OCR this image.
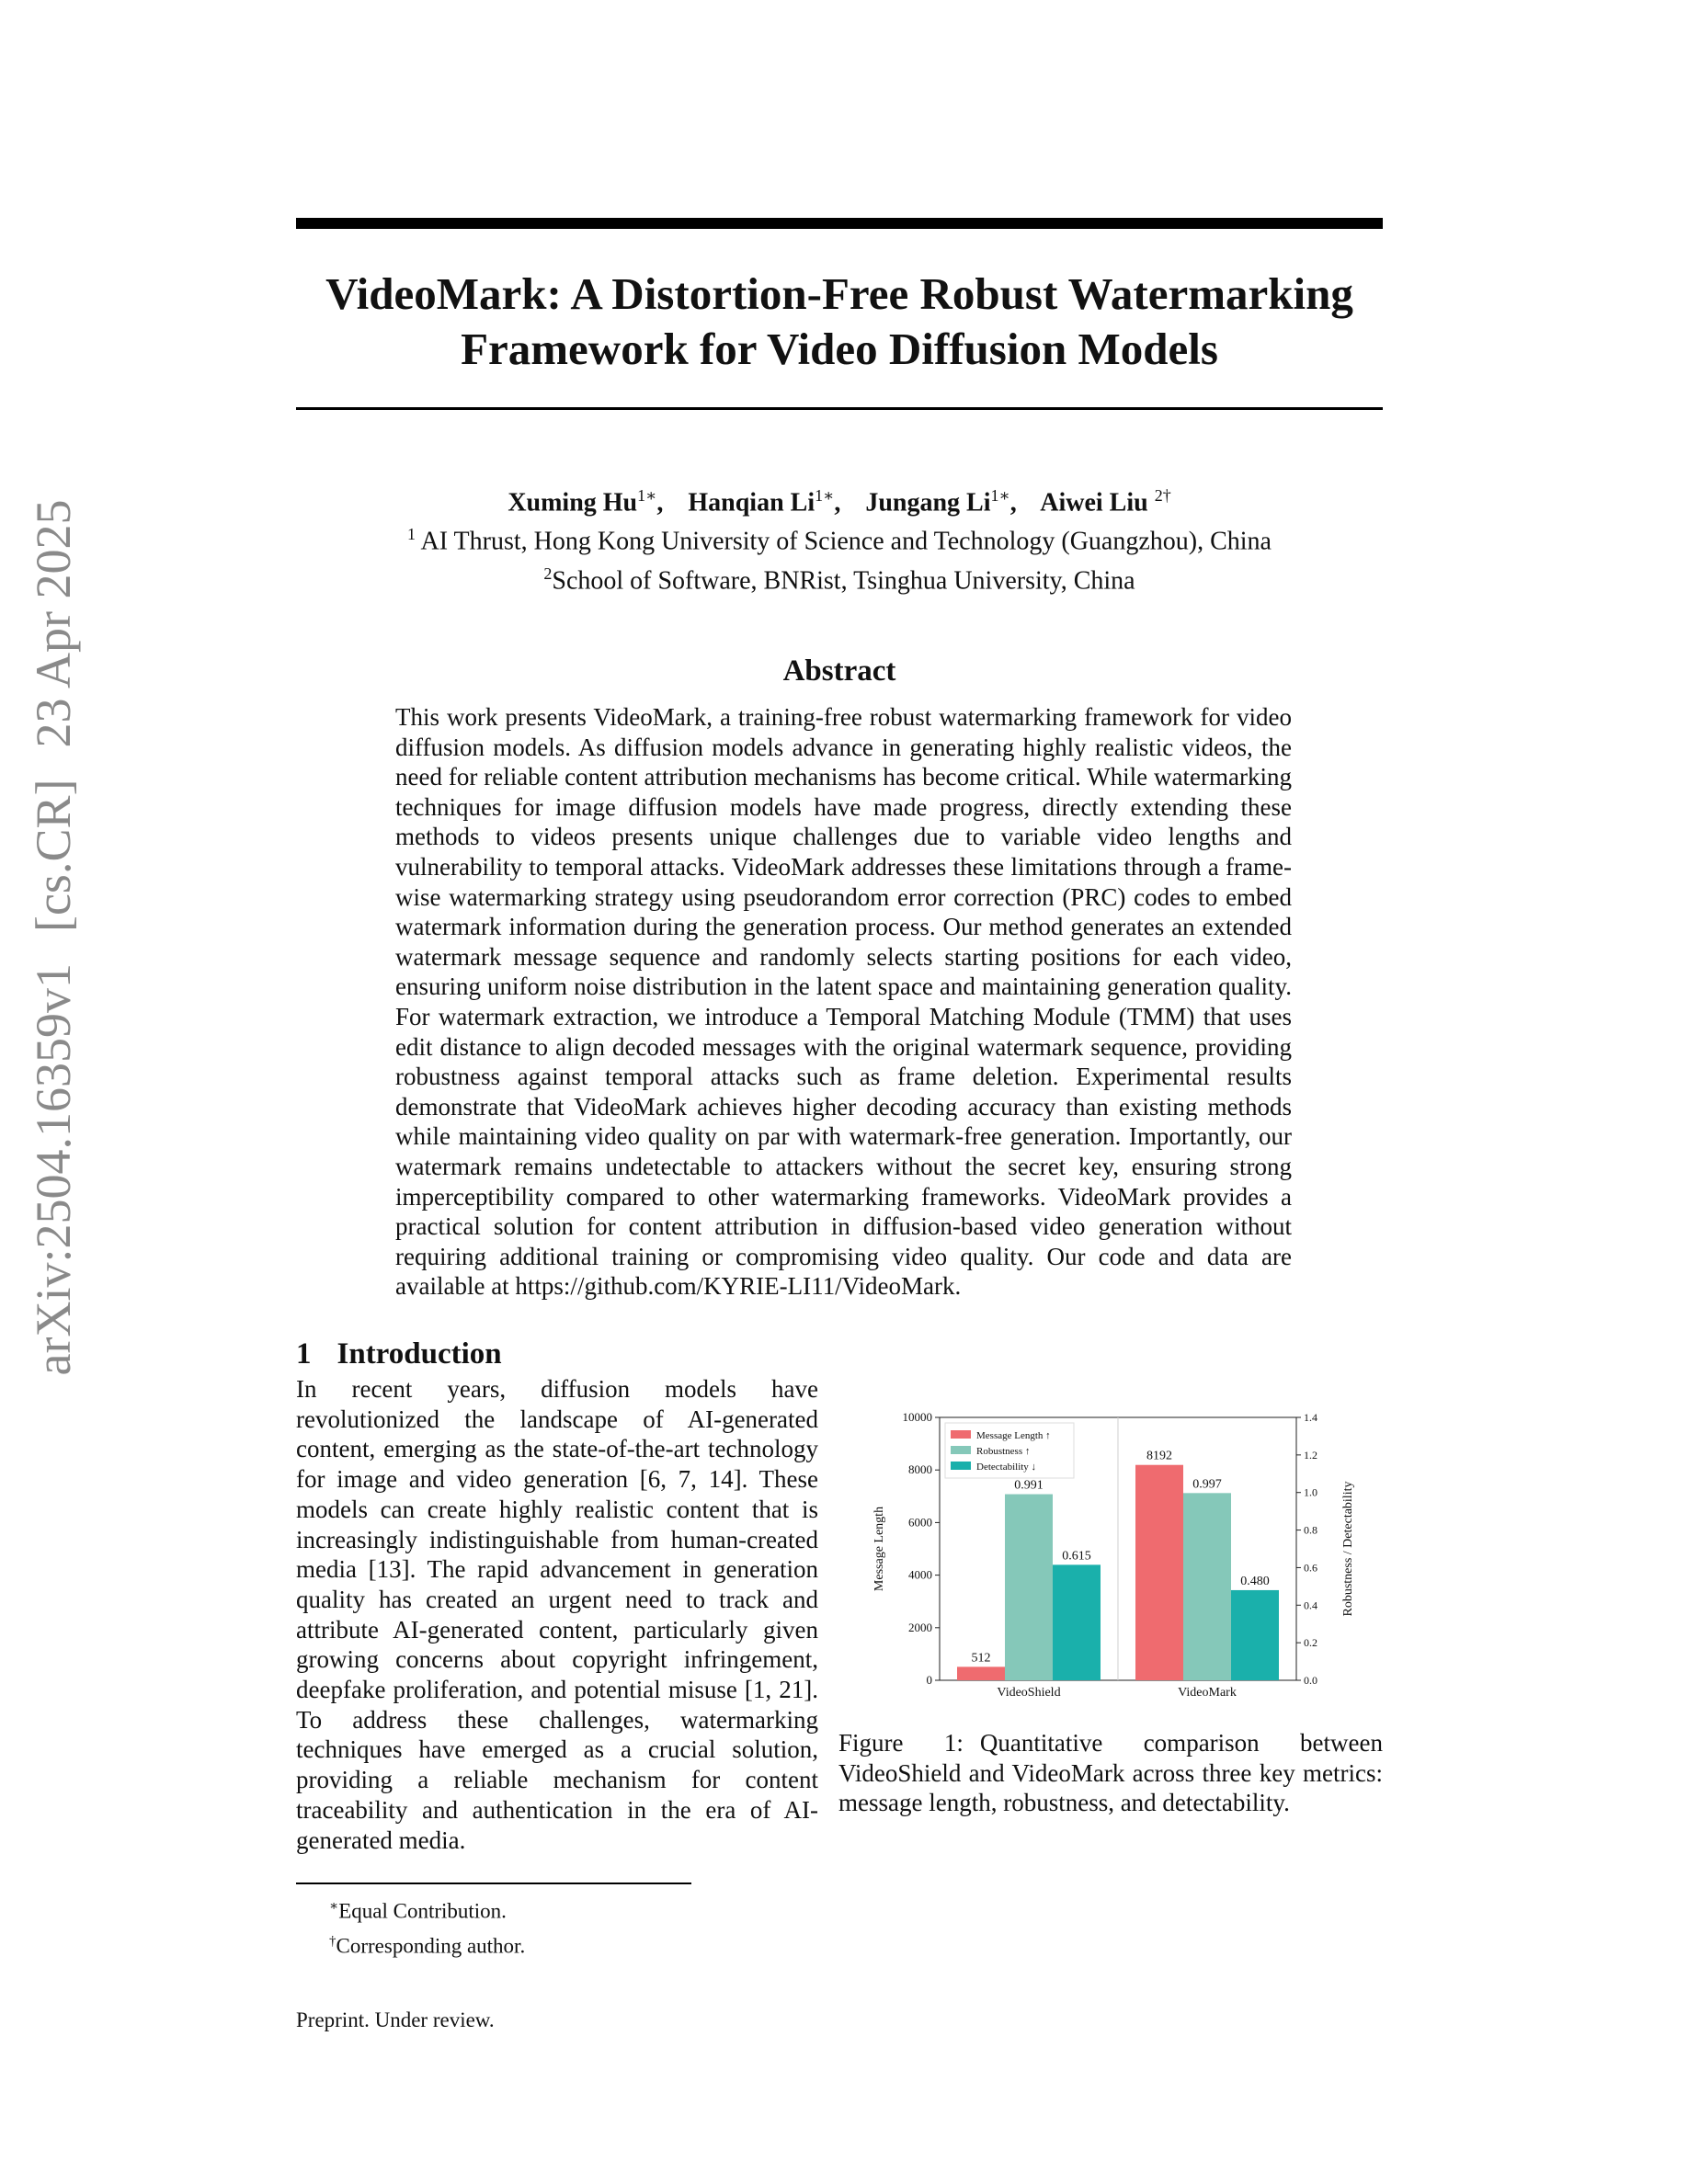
arXiv:2504.16359v1
[cs.CR]
23 Apr 2025
VideoMark: A Distortion-Free Robust Watermarking
Framework for Video Diffusion Models
Xuming $Hu^{1∗}$, Hanqian $Li^{1∗}$, Jungang $Li^{1∗}$, Aiwei Liu $^{2\dagger}$
$^1$ AI Thrust, Hong Kong University of Science and Technology (Guangzhou), China
$^2$School of Software, BNRist, Tsinghua University, China
Abstract
This work presents VideoMark, a training-free robust watermarking framework for video diffusion models. As diffusion models advance in generating highly realistic videos, the need for reliable content attribution mechanisms has become critical. While watermarking techniques for image diffusion models have made progress, directly extending these methods to videos presents unique challenges due to variable video lengths and vulnerability to temporal attacks. VideoMark addresses these limitations through a frame-wise watermarking strategy using pseudorandom error correction (PRC) codes to embed watermark information during the generation process. Our method generates an extended watermark message sequence and randomly selects starting positions for each video, ensuring uniform noise distribution in the latent space and maintaining generation quality. For watermark extraction, we introduce a Temporal Matching Module (TMM) that uses edit distance to align decoded messages with the original watermark sequence, providing robustness against temporal attacks such as frame deletion. Experimental results demonstrate that VideoMark achieves higher decoding accuracy than existing methods while maintaining video quality on par with watermark-free generation. Importantly, our watermark remains undetectable to attackers without the secret key, ensuring strong imperceptibility compared to other watermarking frameworks. VideoMark provides a practical solution for content attribution in diffusion-based video generation without requiring additional training or compromising video quality. Our code and data are available at https://github.com/KYRIE-LI11/VideoMark.
1 Introduction
In recent years, diffusion models have revolutionized the landscape of AI-generated content, emerging as the state-of-the-art technology for image and video generation [6, 7, 14]. These models can create highly realistic content that is increasingly indistinguishable from human-created media [13]. The rapid advancement in generation quality has created an urgent need to track and attribute AI-generated content, particularly given growing concerns about copyright infringement, deepfake proliferation, and potential misuse [1, 21]. To address these challenges, watermarking techniques have emerged as a crucial solution, providing a reliable mechanism for content traceability and authentication in the era of AI-generated media.
0
2000
4000
6000
8000
10000
0.0
0.2
0.4
0.6
0.8
1.0
1.2
1.4
Message Length	Robustness / Detectability
512
0.991
0.615
VideoShield
8192
0.997
0.480
VideoMark
Message Length ↑
Robustness ↑
Detectability ↓
Figure 1: Quantitative comparison between VideoShield and VideoMark across three key metrics: message length, robustness, and detectability.
∗Equal Contribution.
†Corresponding author.
Preprint. Under review.
